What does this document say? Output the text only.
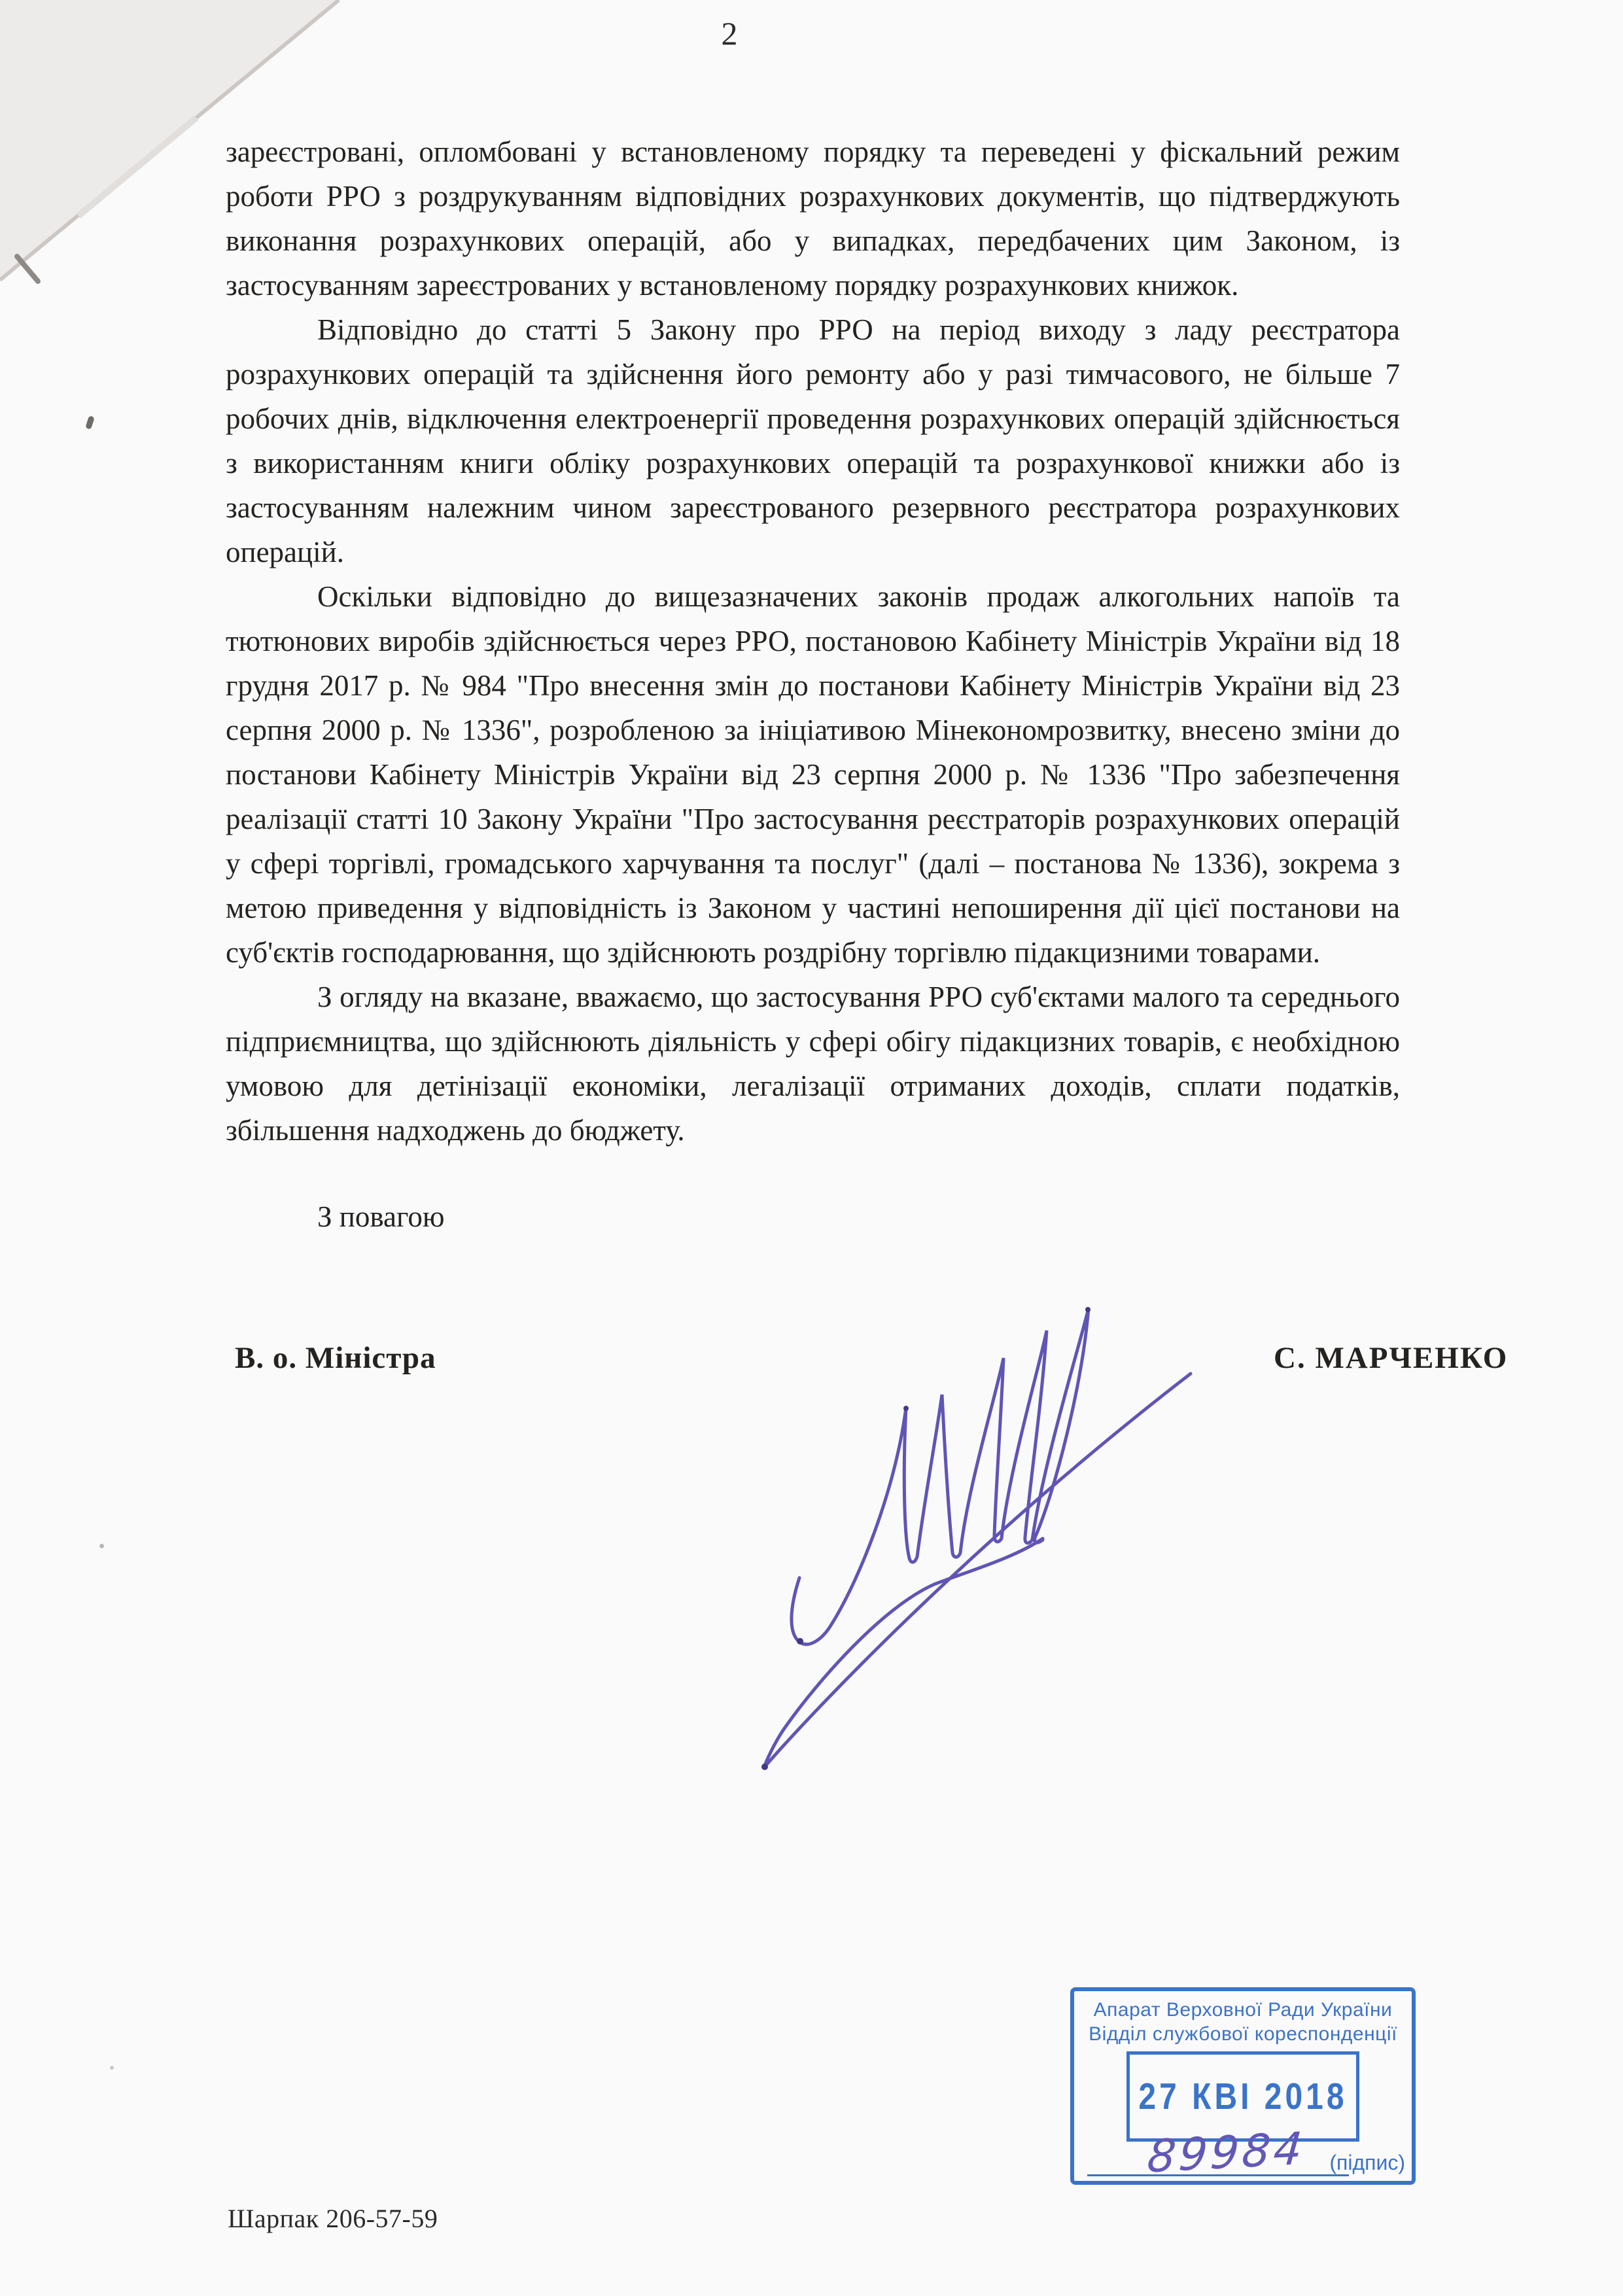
2

зареєстровані, опломбовані у встановленому порядку та переведені у фіскальний режим роботи РРО з роздрукуванням відповідних розрахункових документів, що підтверджують виконання розрахункових операцій, або у випадках, передбачених цим Законом, із застосуванням зареєстрованих у встановленому порядку розрахункових книжок.

Відповідно до статті 5 Закону про РРО на період виходу з ладу реєстратора розрахункових операцій та здійснення його ремонту або у разі тимчасового, не більше 7 робочих днів, відключення електроенергії проведення розрахункових операцій здійснюється з використанням книги обліку розрахункових операцій та розрахункової книжки або із застосуванням належним чином зареєстрованого резервного реєстратора розрахункових операцій.

Оскільки відповідно до вищезазначених законів продаж алкогольних напоїв та тютюнових виробів здійснюється через РРО, постановою Кабінету Міністрів України від 18 грудня 2017 р. № 984 "Про внесення змін до постанови Кабінету Міністрів України від 23 серпня 2000 р. № 1336", розробленою за ініціативою Мінекономрозвитку, внесено зміни до постанови Кабінету Міністрів України від 23 серпня 2000 р. № 1336 "Про забезпечення реалізації статті 10 Закону України "Про застосування реєстраторів розрахункових операцій у сфері торгівлі, громадського харчування та послуг" (далі – постанова № 1336), зокрема з метою приведення у відповідність із Законом у частині непоширення дії цієї постанови на суб'єктів господарювання, що здійснюють роздрібну торгівлю підакцизними товарами.

З огляду на вказане, вважаємо, що застосування РРО суб'єктами малого та середнього підприємництва, що здійснюють діяльність у сфері обігу підакцизних товарів, є необхідною умовою для детінізації економіки, легалізації отриманих доходів, сплати податків, збільшення надходжень до бюджету.

З повагою
В. о. Міністра	С. МАРЧЕНКО
Апарат Верховної Ради України
Відділ службової кореспонденції
27 КВІ 2018
89984 (підпис)
Шарпак 206-57-59
